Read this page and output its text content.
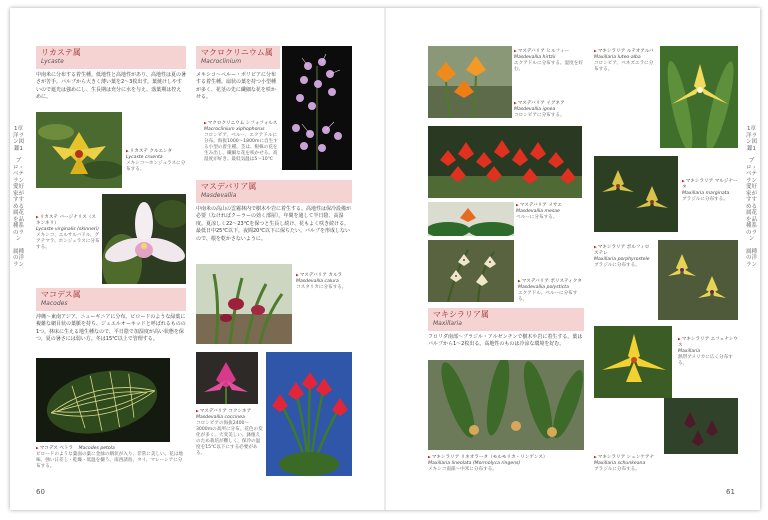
1章 洋ラン図鑑1
プロ・ベテラン愛好家がすすめる属花を品種系のラン
属種の洋ラン
1章 洋ラン図鑑1
プロ・ベテラン愛好家がすすめる属花を品種系のラン
属種の洋ラン
リカステ属
Lycaste
中南米に分布する着生種。低地性と高地性があり、高地性は夏の暑さが苦手。バルブから大きく薄い葉を2〜3枚出す。葉焼けしやすいので遮光は強めにし、生長期は充分に水を与え、落葉期は控えめに。
▶ リカステ クルエンタ
Lycaste cruenta
メキシコ〜ホンジュラスに分布する。
▶ リカステ バージナリス（スキンネリ）
Lycaste virginalis (skinneri)
メキシコ、エルサルバドル、グアテマラ、ホンジュラスに分布する。
マコデス属
Macodes
沖縄〜東南アジア、ニューギニアに分布。ビロードのような緑葉に複雑な網目状の葉脈を持ち、ジュエルオーキッドと呼ばれるものの1つ。林床に生える地生種なので、平日陰で加湿度が高い状態を保つ。夏の暑さには弱い方。冬は15℃以上で管理する。
▶ マコデス ペトラ Macodes petola
ビロードのような葉面の葉に金緑の網状が入り、非常に美しい。花は地味。強い日差し・乾燥・低温を嫌う。南西諸島、タイ、マレーシアに分布する。
マクロクリニウム属
Macroclinium
メキシコ〜ペルー・ボリビアに分布する着生種。扇状の葉を持つ小型種が多く、花茎の先に繊細な花を咲かせる。
▶ マクロクリニウム シフォフォルス
Macroclinium xiphophorus
コロンビア、ペルー、エクアドルに分布。海抜1000〜1800mに自生する小型の着生種。茎は、根株の花を生み出し、繊細な花を咲かせる。高湿度が好き。最低気温は5〜10℃
マスデバリア属
Masdevallia
中南米の高山の雲霧林内で樹木や岩に着生する。高地性は保冷設備が必要（なければクーラーの効く部屋）。年間を通して半日陰、高湿度。夏涼しく22〜23℃を保つと生長し続け、花もよく咲き続ける。最低日中25℃以下。夜間20℃以下に保ちたい。バルブを形成しないので、根を乾かさないように。
▶ マスデバリア カルラ
Masdevallia calura
コスタリカに分布する。
▶ マスデバリア コクシネア
Masdevallia coccinea
コロンビアの海抜2400〜3000mの高所に分布。花色の変化が多く、大変美しい。鉢植えのため栽培が難しく、保冷の温度を15℃以下にする必要がある。
60
▶ マスデバリア ヒルフィー
Masdevallia hirtzii
エクアドルに分布する。湿度を好む。
▶ マスデバリア イグネア
Masdevallia ignea
コロンビアに分布する。
▶ マスデバリア メサエ
Masdevallia mesae
ペルーに分布する。
▶ マスデバリア ポリスティクタ
Masdevallia polysticta
エクアドル、ペルーに分布する。
マキシラリア属
Maxillaria
フロリダ南部〜ブラジル・アルゼンチンで樹木や岩に着生する。葉はバルブから1〜2枚出る。高地性のものは冷涼な環境を好む。
▶ マキシラリア リネオラータ（モルモリカ・リンゲンス）
Maxillaria lineolata (Mormolyca ringens)
メキシコ南部〜中米に分布する。
▶ マキシラリア ルテオアルバ
Maxillaria luteo-alba
コロンビア、ベネズエラに分布する。
▶ マキシラリア マルジナータ
Maxillaria marginata
ブラジルに分布する。
▶ マキシラリア ポルフィロステレ
Maxillaria porphyrostele
ブラジルに分布する。
▶ マキシラリア エフェナシウス
Maxillaria
熱帯アメリカに広く分布する。
▶ マキシラリア シュンケアナ
Maxillaria schunkeana
ブラジルに分布する。
61
